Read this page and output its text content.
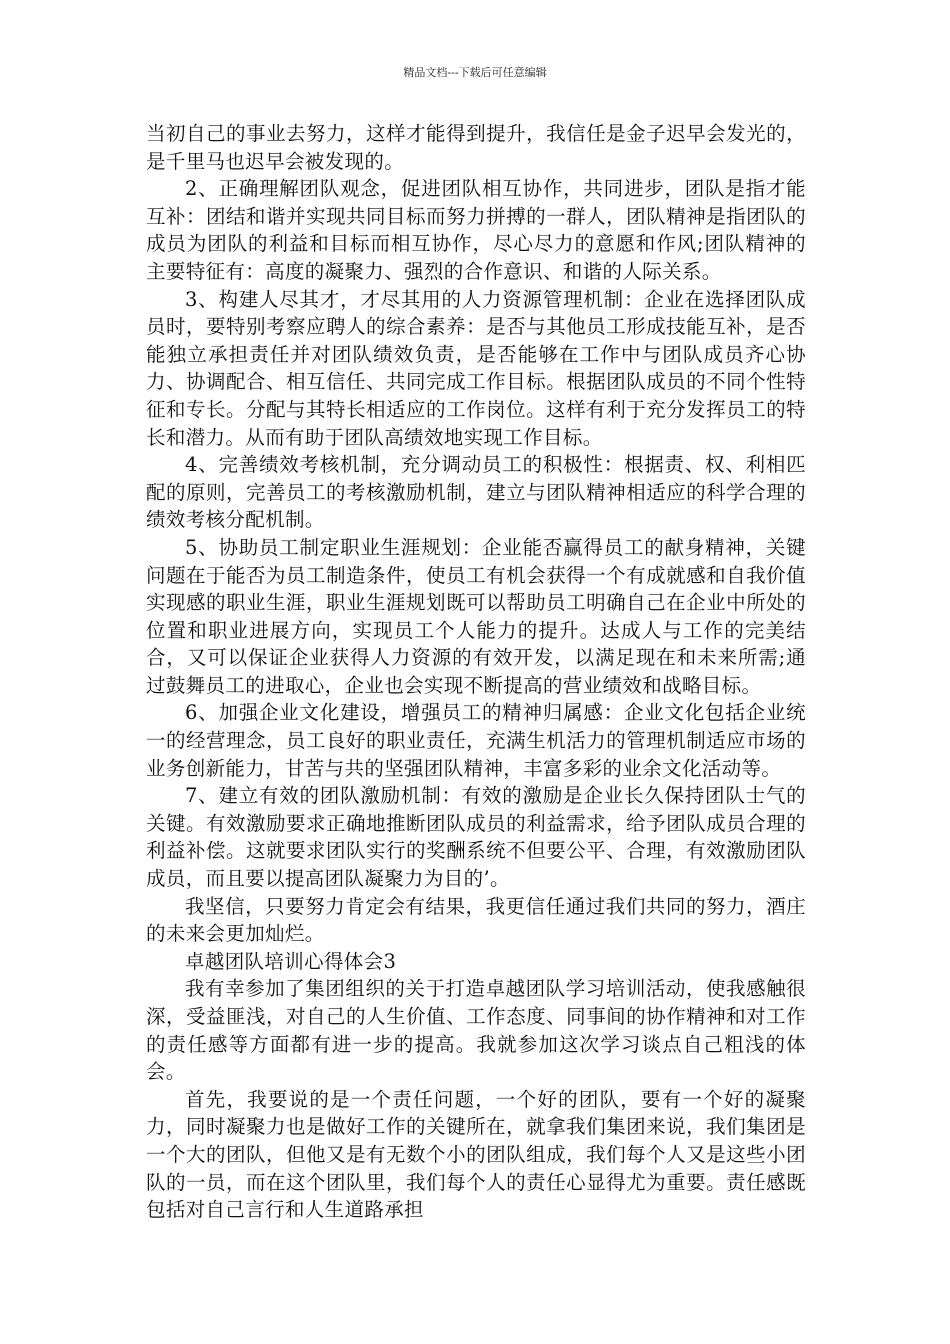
精品文档---下载后可任意编辑

当初自己的事业去努力，这样才能得到提升，我信任是金子迟早会发光的，是千里马也迟早会被发现的。

2、正确理解团队观念，促进团队相互协作，共同进步，团队是指才能互补：团结和谐并实现共同目标而努力拼搏的一群人，团队精神是指团队的成员为团队的利益和目标而相互协作，尽心尽力的意愿和作风;团队精神的主要特征有：高度的凝聚力、强烈的合作意识、和谐的人际关系。

3、构建人尽其才，才尽其用的人力资源管理机制：企业在选择团队成员时，要特别考察应聘人的综合素养：是否与其他员工形成技能互补，是否能独立承担责任并对团队绩效负责，是否能够在工作中与团队成员齐心协力、协调配合、相互信任、共同完成工作目标。根据团队成员的不同个性特征和专长。分配与其特长相适应的工作岗位。这样有利于充分发挥员工的特长和潜力。从而有助于团队高绩效地实现工作目标。

4、完善绩效考核机制，充分调动员工的积极性：根据责、权、利相匹配的原则，完善员工的考核激励机制，建立与团队精神相适应的科学合理的绩效考核分配机制。

5、协助员工制定职业生涯规划：企业能否赢得员工的献身精神，关键问题在于能否为员工制造条件，使员工有机会获得一个有成就感和自我价值实现感的职业生涯，职业生涯规划既可以帮助员工明确自己在企业中所处的位置和职业进展方向，实现员工个人能力的提升。达成人与工作的完美结合，又可以保证企业获得人力资源的有效开发，以满足现在和未来所需;通过鼓舞员工的进取心，企业也会实现不断提高的营业绩效和战略目标。

6、加强企业文化建设，增强员工的精神归属感：企业文化包括企业统一的经营理念，员工良好的职业责任，充满生机活力的管理机制适应市场的业务创新能力，甘苦与共的坚强团队精神，丰富多彩的业余文化活动等。

7、建立有效的团队激励机制：有效的激励是企业长久保持团队士气的关键。有效激励要求正确地推断团队成员的利益需求，给予团队成员合理的利益补偿。这就要求团队实行的奖酬系统不但要公平、合理，有效激励团队成员，而且要以提高团队凝聚力为目的’。

我坚信，只要努力肯定会有结果，我更信任通过我们共同的努力，酒庄的未来会更加灿烂。

卓越团队培训心得体会3

我有幸参加了集团组织的关于打造卓越团队学习培训活动，使我感触很深，受益匪浅，对自己的人生价值、工作态度、同事间的协作精神和对工作的责任感等方面都有进一步的提高。我就参加这次学习谈点自己粗浅的体会。

首先，我要说的是一个责任问题，一个好的团队，要有一个好的凝聚力，同时凝聚力也是做好工作的关键所在，就拿我们集团来说，我们集团是一个大的团队，但他又是有无数个小的团队组成，我们每个人又是这些小团队的一员，而在这个团队里，我们每个人的责任心显得尤为重要。责任感既包括对自己言行和人生道路承担
